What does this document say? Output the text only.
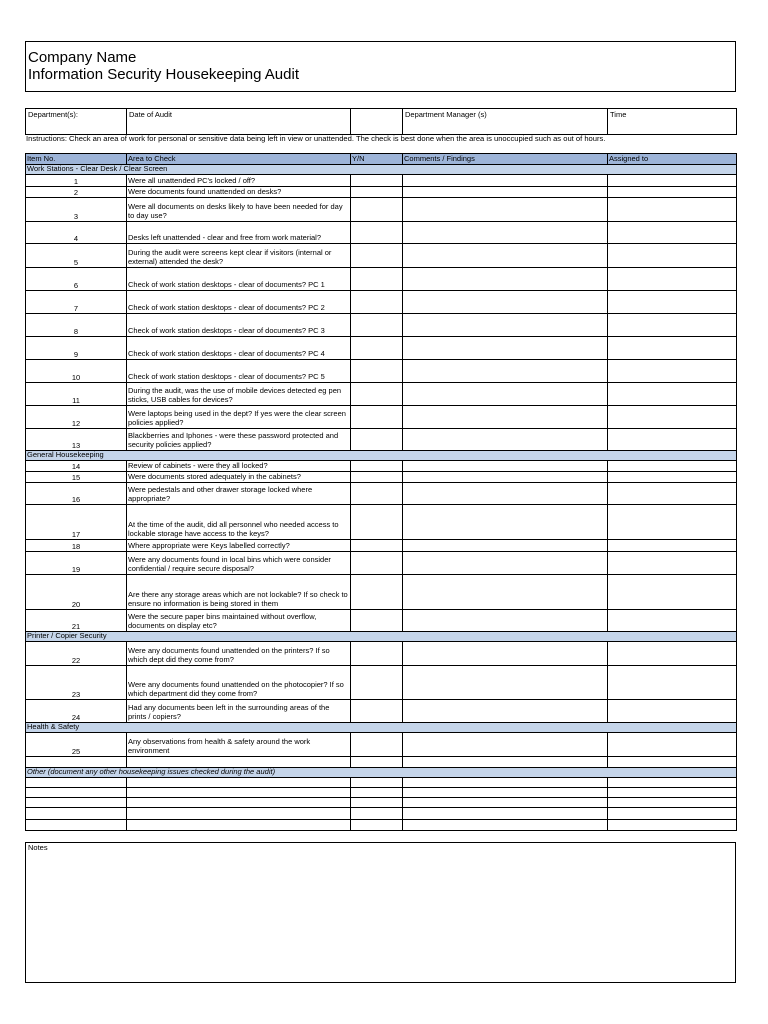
Company Name

Information Security Housekeeping Audit

Department(s):	Date of Audit		Department Manager (s)	Time
Instructions: Check an area of work for personal or sensitive data being left in view or unattended. The check is best done when the area is unoccupied such as out of hours.
Item No.	Area to Check	Y/N	Comments / Findings	Assigned to
Work Stations - Clear Desk / Clear Screen				
1	Were all unattended PC's locked / off?			
2	Were documents found unattended on desks?			
3	Were all documents on desks likely to have been needed for day to day use?			
4	Desks left unattended - clear and free from work material?			
5	During the audit were screens kept clear if visitors (internal or external) attended the desk?			
6	Check of work station desktops - clear of documents? PC 1			
7	Check of work station desktops - clear of documents? PC 2			
8	Check of work station desktops - clear of documents? PC 3			
9	Check of work station desktops - clear of documents? PC 4			
10	Check of work station desktops - clear of documents? PC 5			
11	During the audit, was the use of mobile devices detected eg pen sticks, USB cables for devices?			
12	Were laptops being used in the dept? If yes were the clear screen policies applied?			
13	Blackberries and Iphones - were these password protected and security policies applied?			
General Housekeeping				
14	Review of cabinets - were they all locked?			
15	Were documents stored adequately in the cabinets?			
16	Were pedestals and other drawer storage locked where appropriate?			
17	At the time of the audit, did all personnel who needed access to lockable storage have access to the keys?			
18	Where appropriate were Keys labelled correctly?			
19	Were any documents found in local bins which were consider confidential / require secure disposal?			
20	Are there any storage areas which are not lockable? If so check to ensure no information is being stored in them			
21	Were the secure paper bins maintained without overflow, documents on display etc?			
Printer / Copier Security				
22	Were any documents found unattended on the printers? If so which dept did they come from?			
23	Were any documents found unattended on the photocopier? If so which department did they come from?			
24	Had any documents been left in the surrounding areas of the prints / copiers?			
Health & Safety				
25	Any observations from health & safety around the work environment			

Other (document any other housekeeping issues checked during the audit)				

Notes
